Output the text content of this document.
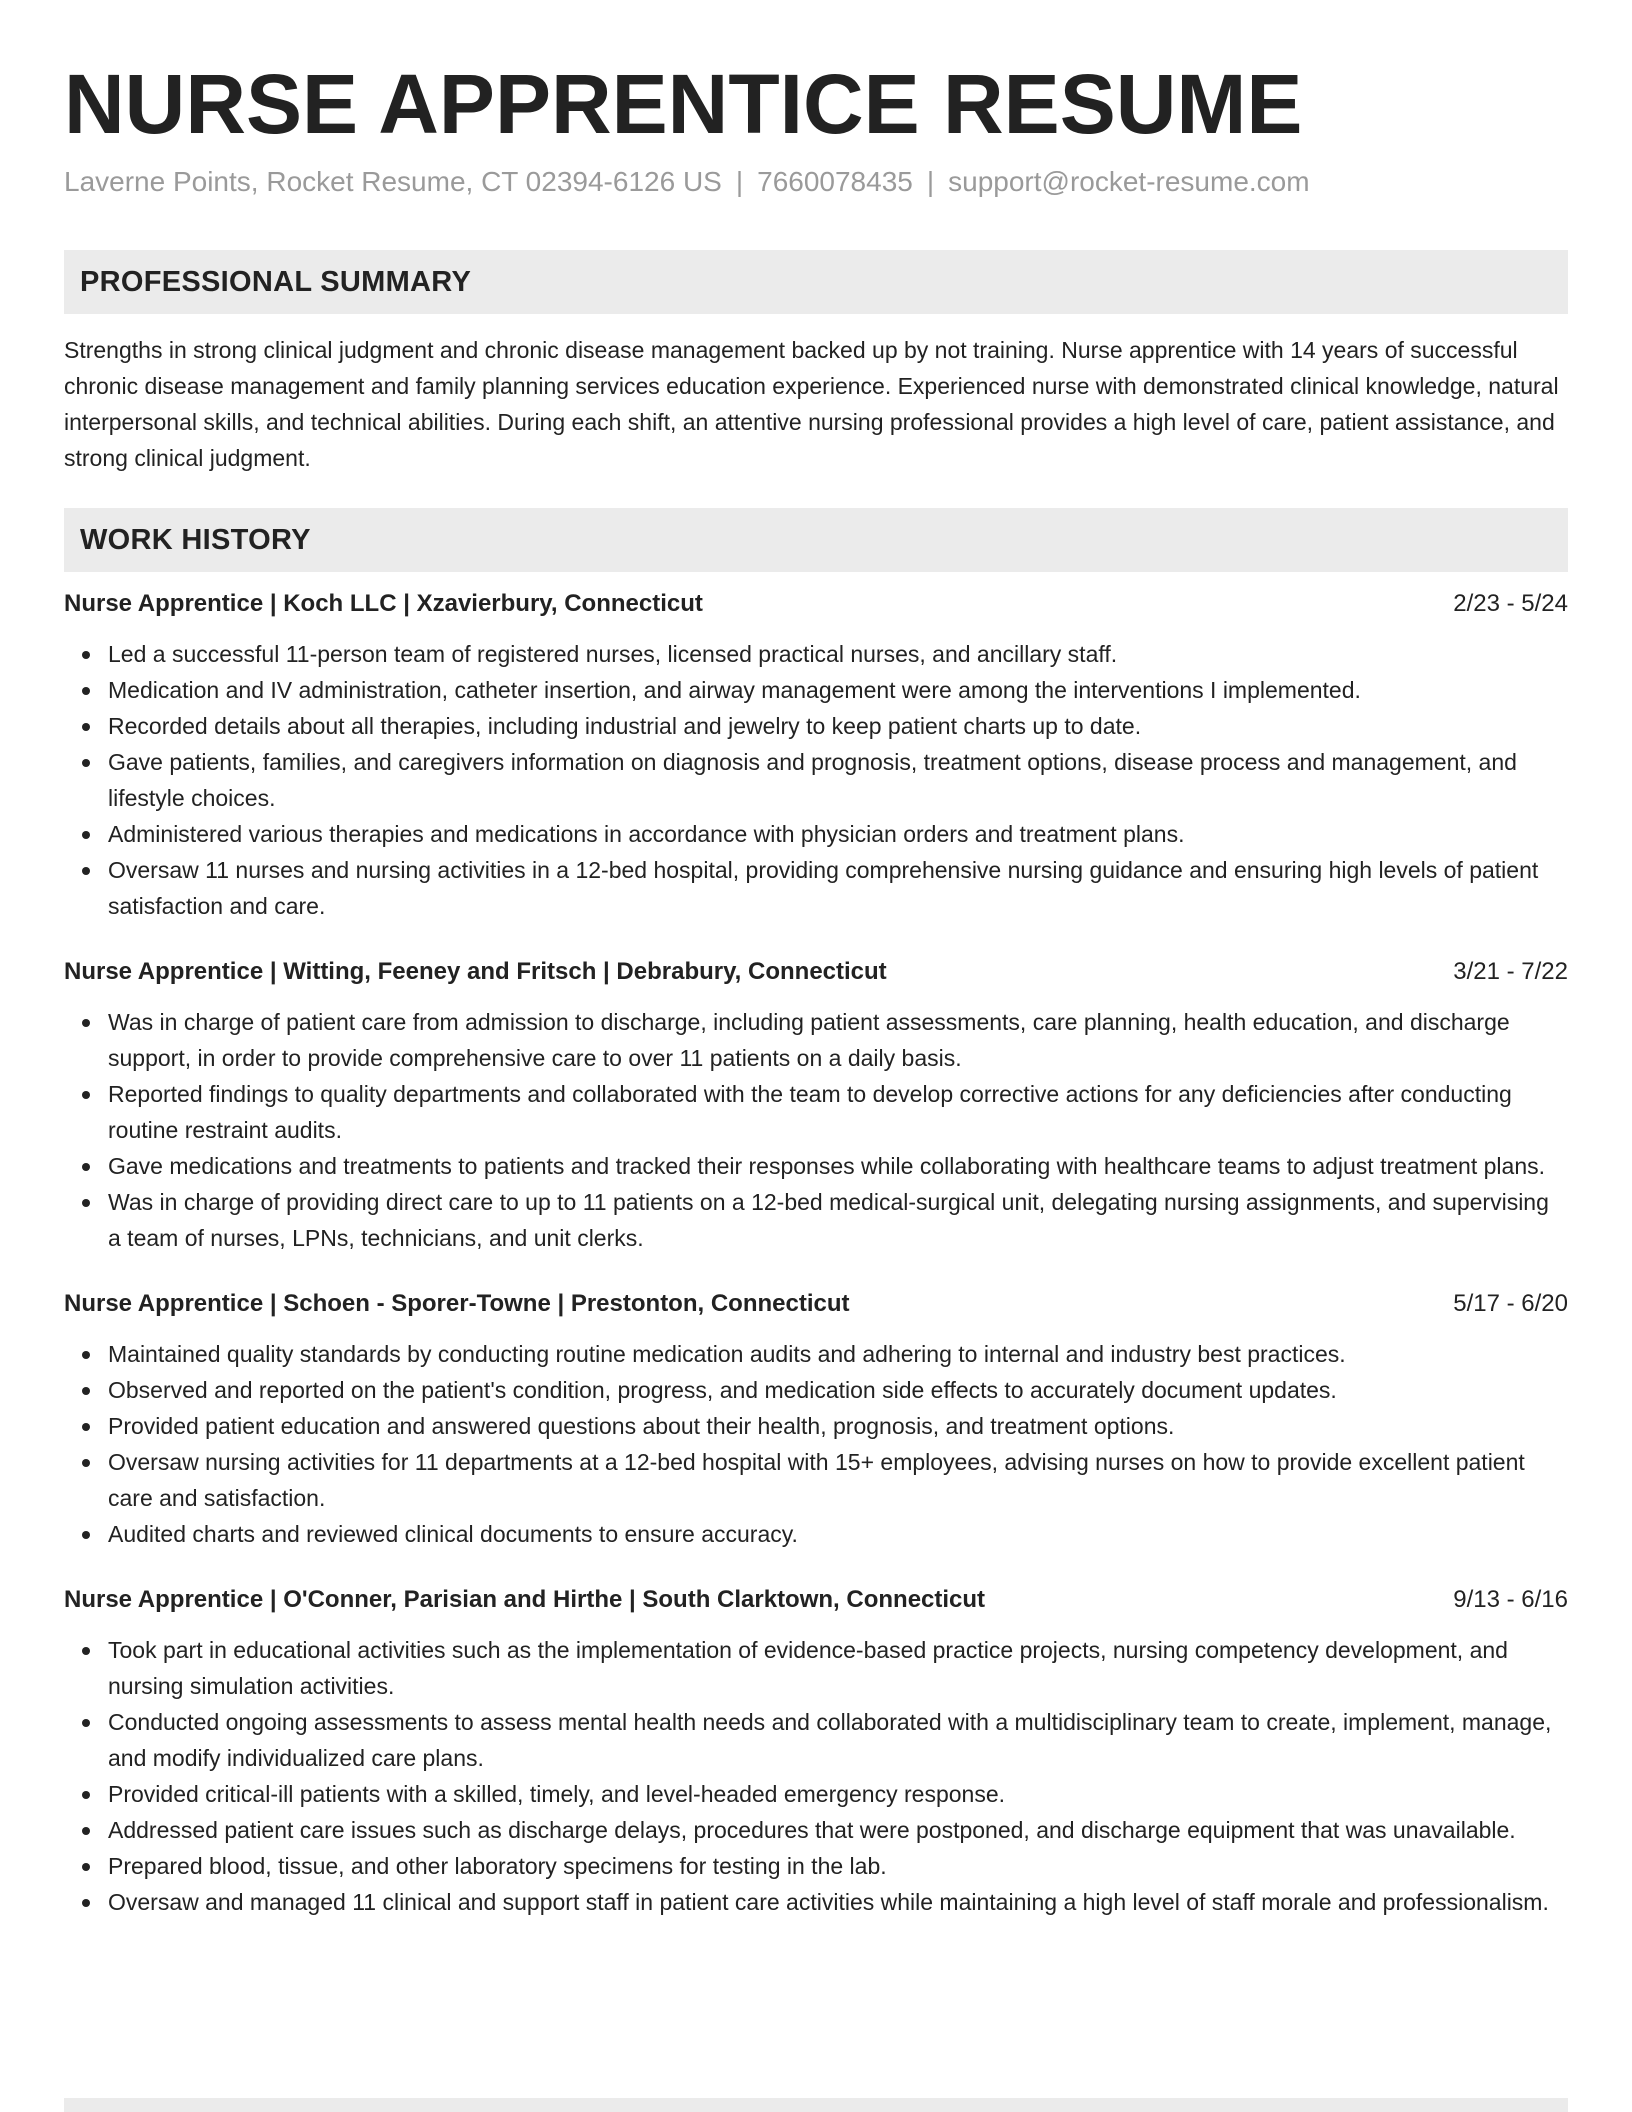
NURSE APPRENTICE RESUME
Laverne Points, Rocket Resume, CT 02394-6126 US | 7660078435 | support@rocket-resume.com
PROFESSIONAL SUMMARY
Strengths in strong clinical judgment and chronic disease management backed up by not training. Nurse apprentice with 14 years of successful chronic disease management and family planning services education experience. Experienced nurse with demonstrated clinical knowledge, natural interpersonal skills, and technical abilities. During each shift, an attentive nursing professional provides a high level of care, patient assistance, and strong clinical judgment.
WORK HISTORY
Nurse Apprentice | Koch LLC | Xzavierbury, Connecticut	2/23 - 5/24
Led a successful 11-person team of registered nurses, licensed practical nurses, and ancillary staff.
Medication and IV administration, catheter insertion, and airway management were among the interventions I implemented.
Recorded details about all therapies, including industrial and jewelry to keep patient charts up to date.
Gave patients, families, and caregivers information on diagnosis and prognosis, treatment options, disease process and management, and lifestyle choices.
Administered various therapies and medications in accordance with physician orders and treatment plans.
Oversaw 11 nurses and nursing activities in a 12-bed hospital, providing comprehensive nursing guidance and ensuring high levels of patient satisfaction and care.
Nurse Apprentice | Witting, Feeney and Fritsch | Debrabury, Connecticut	3/21 - 7/22
Was in charge of patient care from admission to discharge, including patient assessments, care planning, health education, and discharge support, in order to provide comprehensive care to over 11 patients on a daily basis.
Reported findings to quality departments and collaborated with the team to develop corrective actions for any deficiencies after conducting routine restraint audits.
Gave medications and treatments to patients and tracked their responses while collaborating with healthcare teams to adjust treatment plans.
Was in charge of providing direct care to up to 11 patients on a 12-bed medical-surgical unit, delegating nursing assignments, and supervising a team of nurses, LPNs, technicians, and unit clerks.
Nurse Apprentice | Schoen - Sporer-Towne | Prestonton, Connecticut	5/17 - 6/20
Maintained quality standards by conducting routine medication audits and adhering to internal and industry best practices.
Observed and reported on the patient's condition, progress, and medication side effects to accurately document updates.
Provided patient education and answered questions about their health, prognosis, and treatment options.
Oversaw nursing activities for 11 departments at a 12-bed hospital with 15+ employees, advising nurses on how to provide excellent patient care and satisfaction.
Audited charts and reviewed clinical documents to ensure accuracy.
Nurse Apprentice | O'Conner, Parisian and Hirthe | South Clarktown, Connecticut	9/13 - 6/16
Took part in educational activities such as the implementation of evidence-based practice projects, nursing competency development, and nursing simulation activities.
Conducted ongoing assessments to assess mental health needs and collaborated with a multidisciplinary team to create, implement, manage, and modify individualized care plans.
Provided critical-ill patients with a skilled, timely, and level-headed emergency response.
Addressed patient care issues such as discharge delays, procedures that were postponed, and discharge equipment that was unavailable.
Prepared blood, tissue, and other laboratory specimens for testing in the lab.
Oversaw and managed 11 clinical and support staff in patient care activities while maintaining a high level of staff morale and professionalism.
